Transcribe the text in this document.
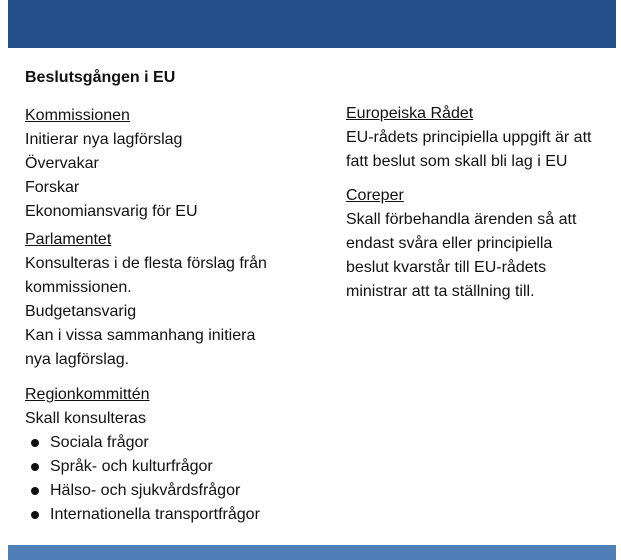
Beslutsgången i EU
Kommissionen
Initierar nya lagförslag
Övervakar
Forskar
Ekonomiansvarig för EU
Parlamentet
Konsulteras i de flesta förslag från
kommissionen.
Budgetansvarig
Kan i vissa sammanhang initiera
nya lagförslag.
Regionkommittén
Skall konsulteras
Sociala frågor
Språk- och kulturfrågor
Hälso- och sjukvårdsfrågor
Internationella transportfrågor
Europeiska Rådet
EU-rådets principiella uppgift är att
fatt beslut som skall bli lag i EU
Coreper
Skall förbehandla ärenden så att
endast svåra eller principiella
beslut kvarstår till EU-rådets
ministrar att ta ställning till.
